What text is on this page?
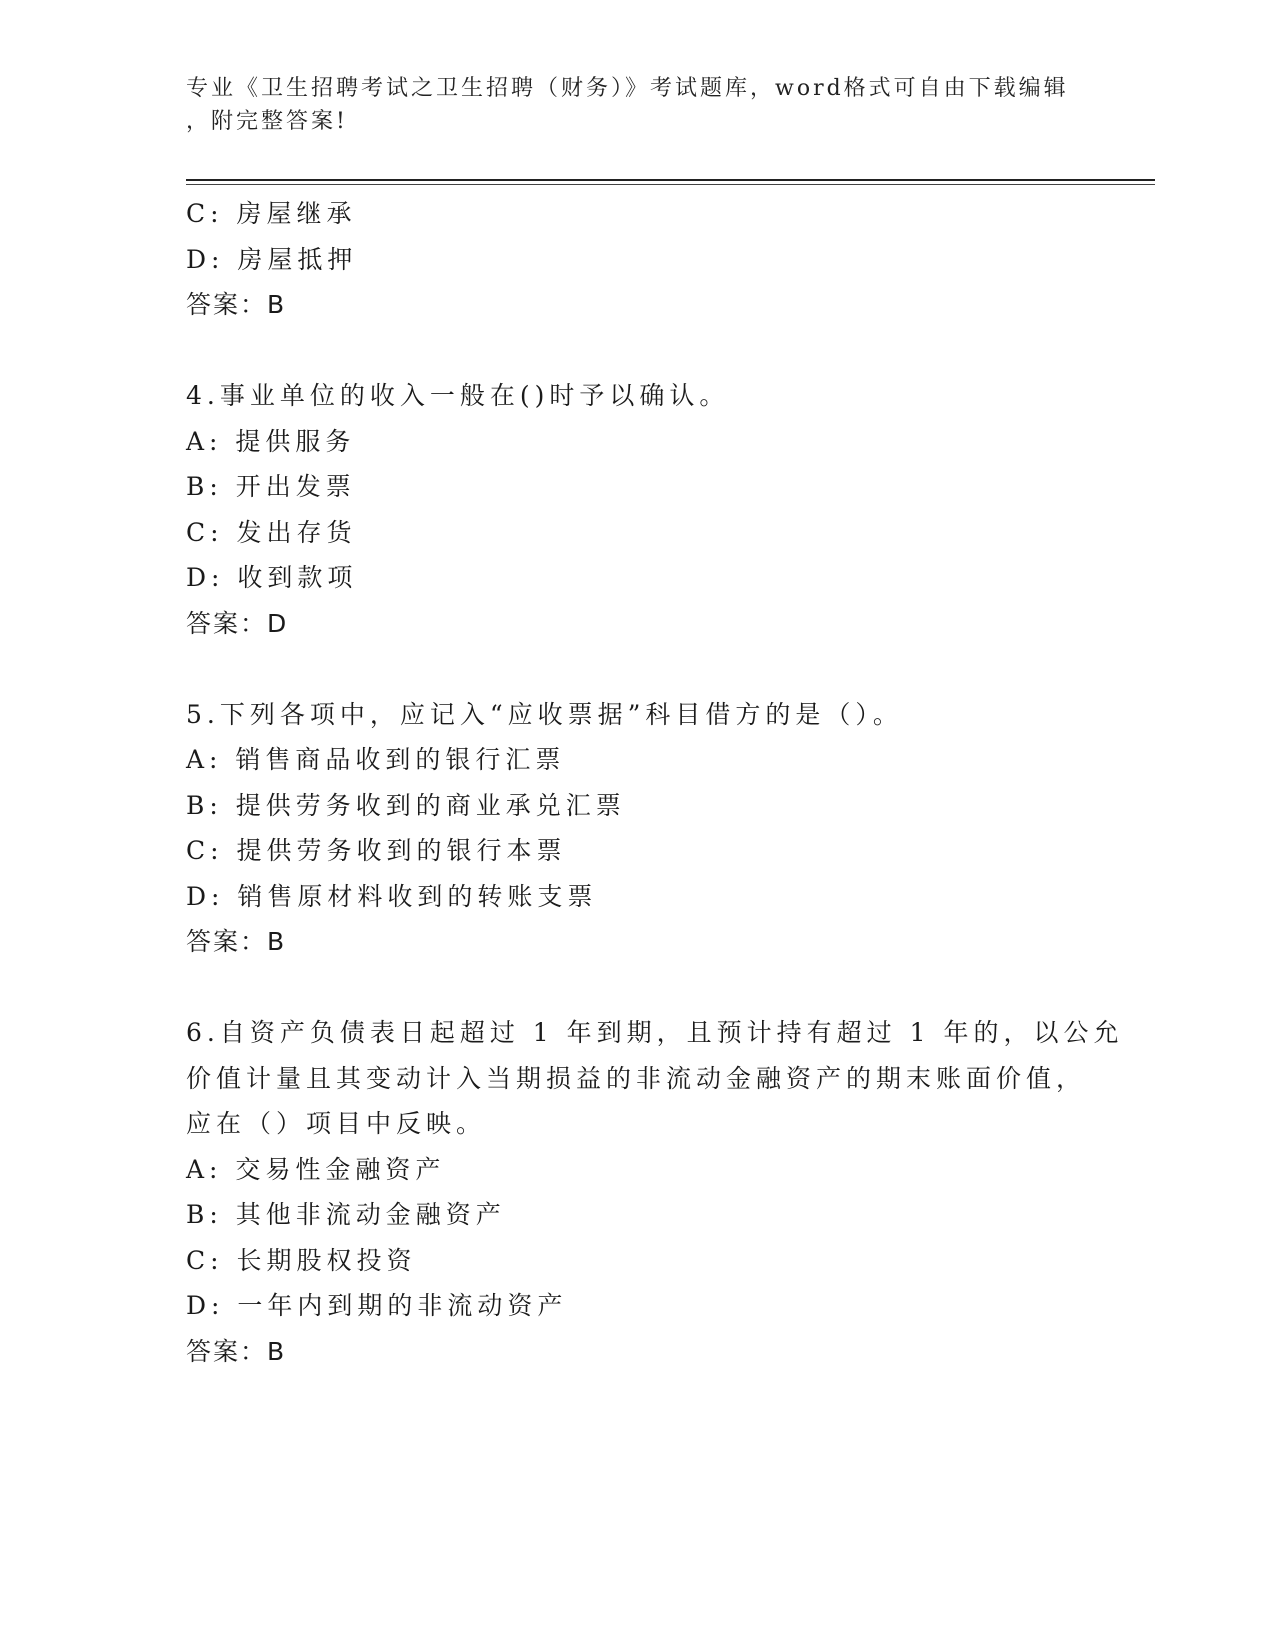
专业《卫生招聘考试之卫生招聘（财务）》考试题库，word格式可自由下载编辑
，附完整答案!
C: 房屋继承
D: 房屋抵押
答案：B
4.事业单位的收入一般在()时予以确认。
A: 提供服务
B: 开出发票
C: 发出存货
D: 收到款项
答案：D
5.下列各项中，应记入“应收票据”科目借方的是（）。
A: 销售商品收到的银行汇票
B: 提供劳务收到的商业承兑汇票
C: 提供劳务收到的银行本票
D: 销售原材料收到的转账支票
答案：B
6.自资产负债表日起超过 1 年到期，且预计持有超过 1 年的，以公允
价值计量且其变动计入当期损益的非流动金融资产的期末账面价值，
应在（）项目中反映。
A: 交易性金融资产
B: 其他非流动金融资产
C: 长期股权投资
D: 一年内到期的非流动资产
答案：B
